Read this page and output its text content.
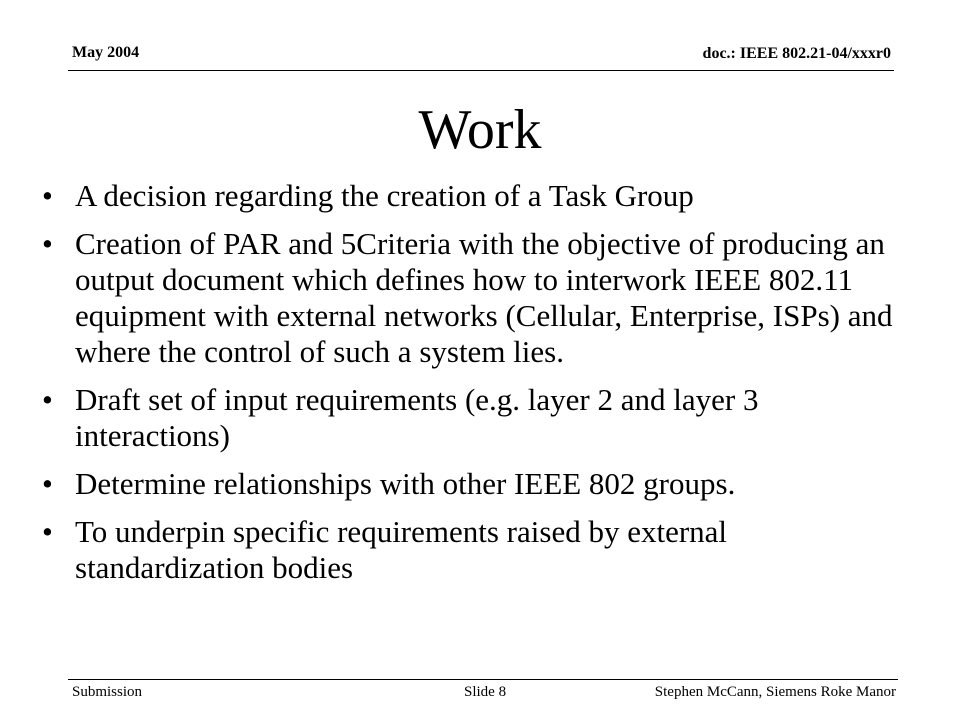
May 2004	doc.: IEEE 802.21-04/xxxr0
Work
• A decision regarding the creation of a Task Group
• Creation of PAR and 5Criteria with the objective of producing an output document which defines how to interwork IEEE 802.11 equipment with external networks (Cellular, Enterprise, ISPs) and where the control of such a system lies.
• Draft set of input requirements (e.g. layer 2 and layer 3 interactions)
• Determine relationships with other IEEE 802 groups.
• To underpin specific requirements raised by external standardization bodies
Submission	Slide 8	Stephen McCann, Siemens Roke Manor
